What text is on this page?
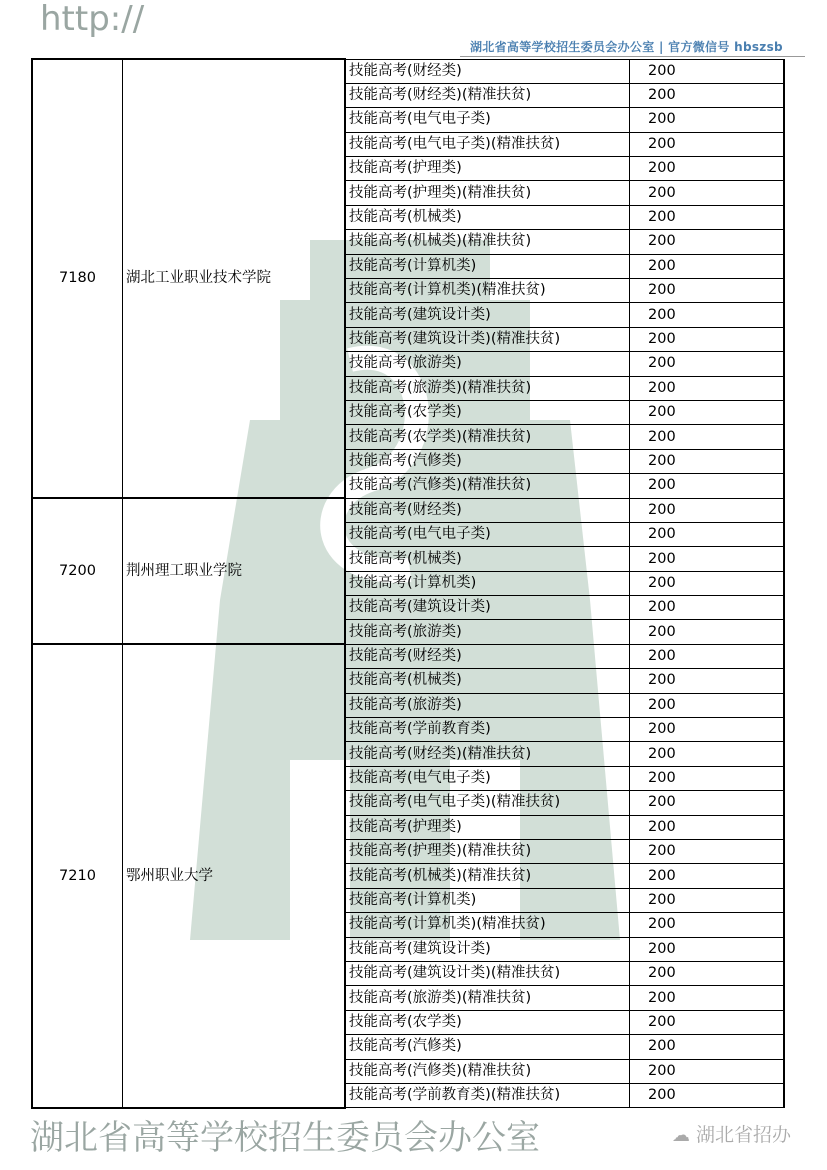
湖北省高等学校招生委员会办公室 | 官方微信号 hbszsb
湖北省高等学校招生委员会办公室
http://
7180	湖北工业职业技术学院	技能高考(财经类)	200
		技能高考(财经类)(精准扶贫)	200
		技能高考(电气电子类)	200
		技能高考(电气电子类)(精准扶贫)	200
		技能高考(护理类)	200
		技能高考(护理类)(精准扶贫)	200
		技能高考(机械类)	200
		技能高考(机械类)(精准扶贫)	200
		技能高考(计算机类)	200
		技能高考(计算机类)(精准扶贫)	200
		技能高考(建筑设计类)	200
		技能高考(建筑设计类)(精准扶贫)	200
		技能高考(旅游类)	200
		技能高考(旅游类)(精准扶贫)	200
		技能高考(农学类)	200
		技能高考(农学类)(精准扶贫)	200
		技能高考(汽修类)	200
		技能高考(汽修类)(精准扶贫)	200
7200	荆州理工职业学院	技能高考(财经类)	200
		技能高考(电气电子类)	200
		技能高考(机械类)	200
		技能高考(计算机类)	200
		技能高考(建筑设计类)	200
		技能高考(旅游类)	200
7210	鄂州职业大学	技能高考(财经类)	200
		技能高考(机械类)	200
		技能高考(旅游类)	200
		技能高考(学前教育类)	200
		技能高考(财经类)(精准扶贫)	200
		技能高考(电气电子类)	200
		技能高考(电气电子类)(精准扶贫)	200
		技能高考(护理类)	200
		技能高考(护理类)(精准扶贫)	200
		技能高考(机械类)(精准扶贫)	200
		技能高考(计算机类)	200
		技能高考(计算机类)(精准扶贫)	200
		技能高考(建筑设计类)	200
		技能高考(建筑设计类)(精准扶贫)	200
		技能高考(旅游类)(精准扶贫)	200
		技能高考(农学类)	200
		技能高考(汽修类)	200
		技能高考(汽修类)(精准扶贫)	200
		技能高考(学前教育类)(精准扶贫)	200
☁ 湖北省招办
